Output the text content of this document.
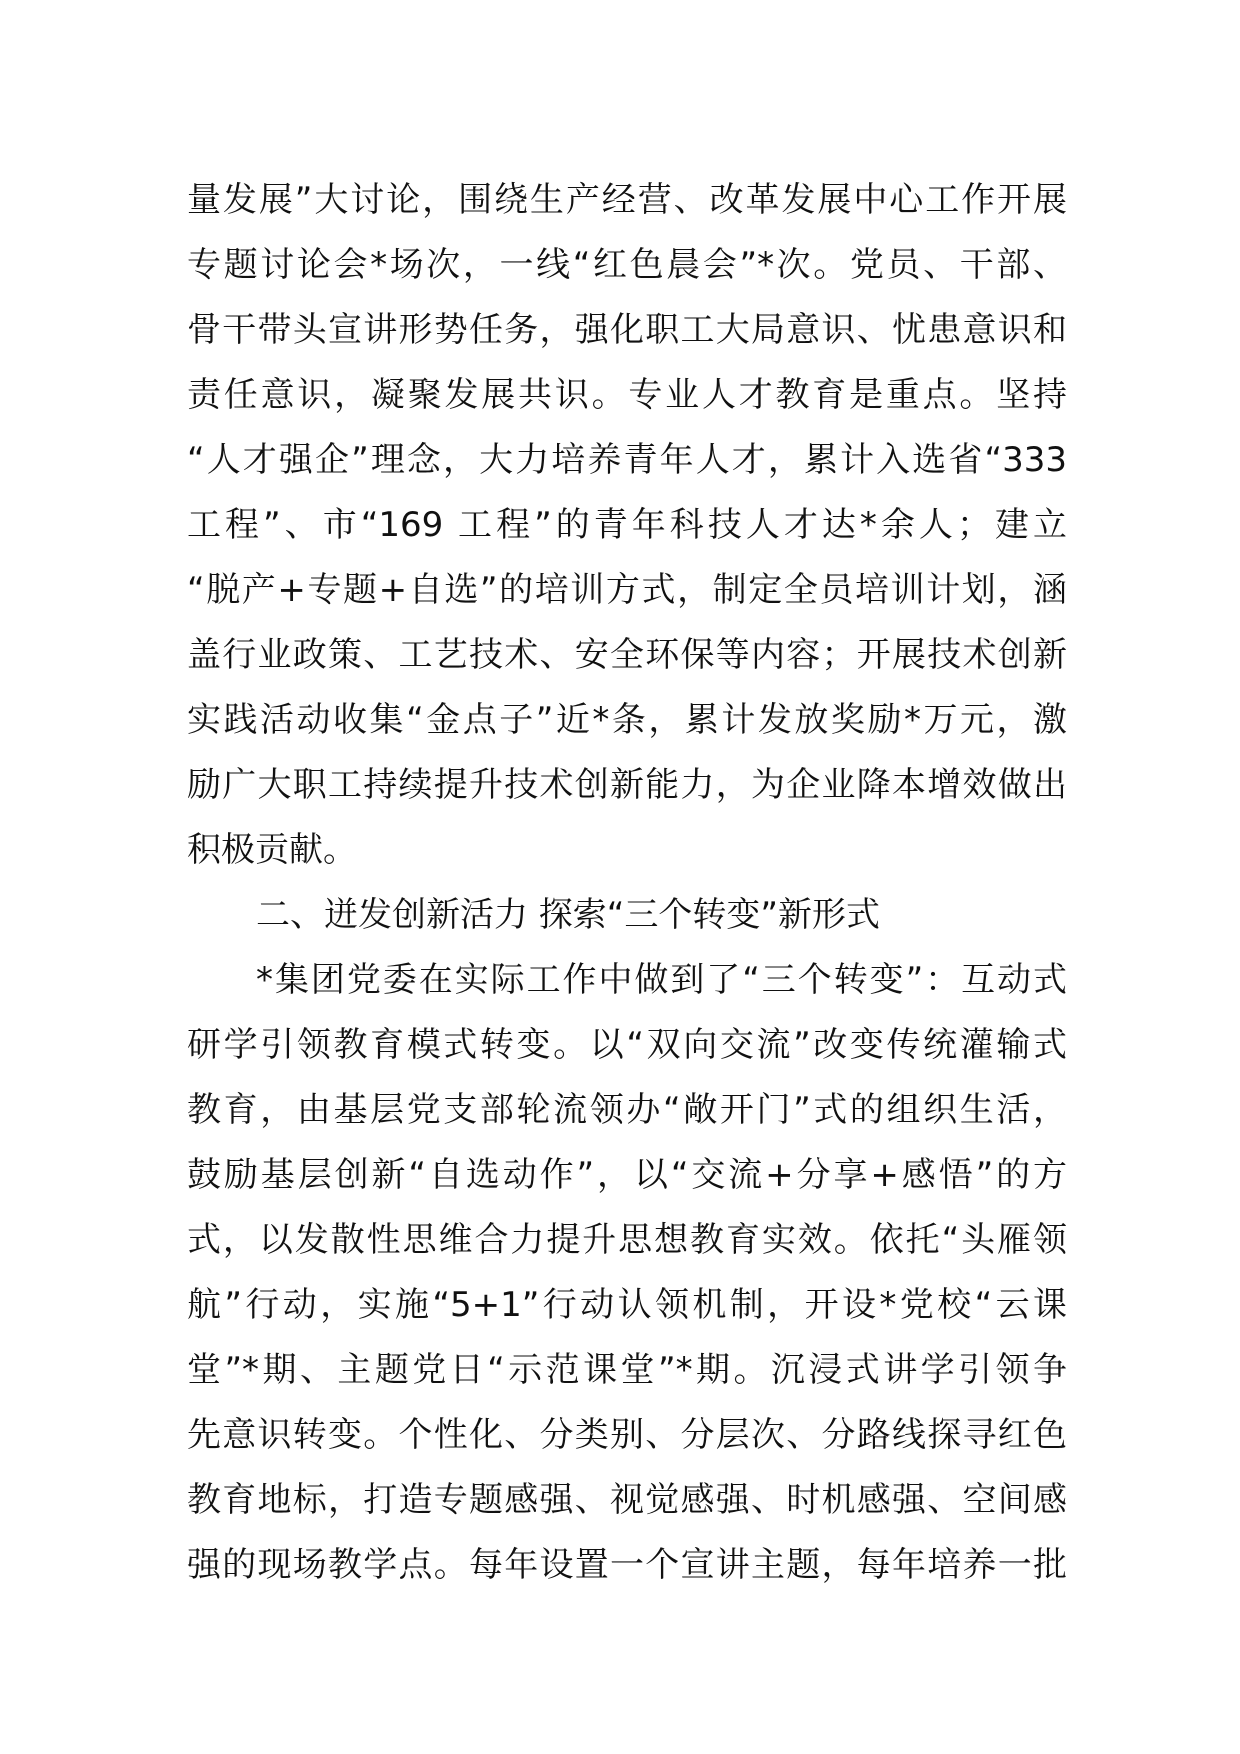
量发展”大讨论，围绕生产经营、改革发展中心工作开展
专题讨论会*场次，一线“红色晨会”*次。党员、干部、
骨干带头宣讲形势任务，强化职工大局意识、忧患意识和
责任意识，凝聚发展共识。专业人才教育是重点。坚持
“人才强企”理念，大力培养青年人才，累计入选省“333
工程”、市“169 工程”的青年科技人才达*余人；建立
“脱产+专题+自选”的培训方式，制定全员培训计划，涵
盖行业政策、工艺技术、安全环保等内容；开展技术创新
实践活动收集“金点子”近*条，累计发放奖励*万元，激
励广大职工持续提升技术创新能力，为企业降本增效做出
积极贡献。
二、迸发创新活力 探索“三个转变”新形式
*集团党委在实际工作中做到了“三个转变”：互动式
研学引领教育模式转变。以“双向交流”改变传统灌输式
教育，由基层党支部轮流领办“敞开门”式的组织生活，
鼓励基层创新“自选动作”，以“交流+分享+感悟”的方
式，以发散性思维合力提升思想教育实效。依托“头雁领
航”行动，实施“5+1”行动认领机制，开设*党校“云课
堂”*期、主题党日“示范课堂”*期。沉浸式讲学引领争
先意识转变。个性化、分类别、分层次、分路线探寻红色
教育地标，打造专题感强、视觉感强、时机感强、空间感
强的现场教学点。每年设置一个宣讲主题，每年培养一批
